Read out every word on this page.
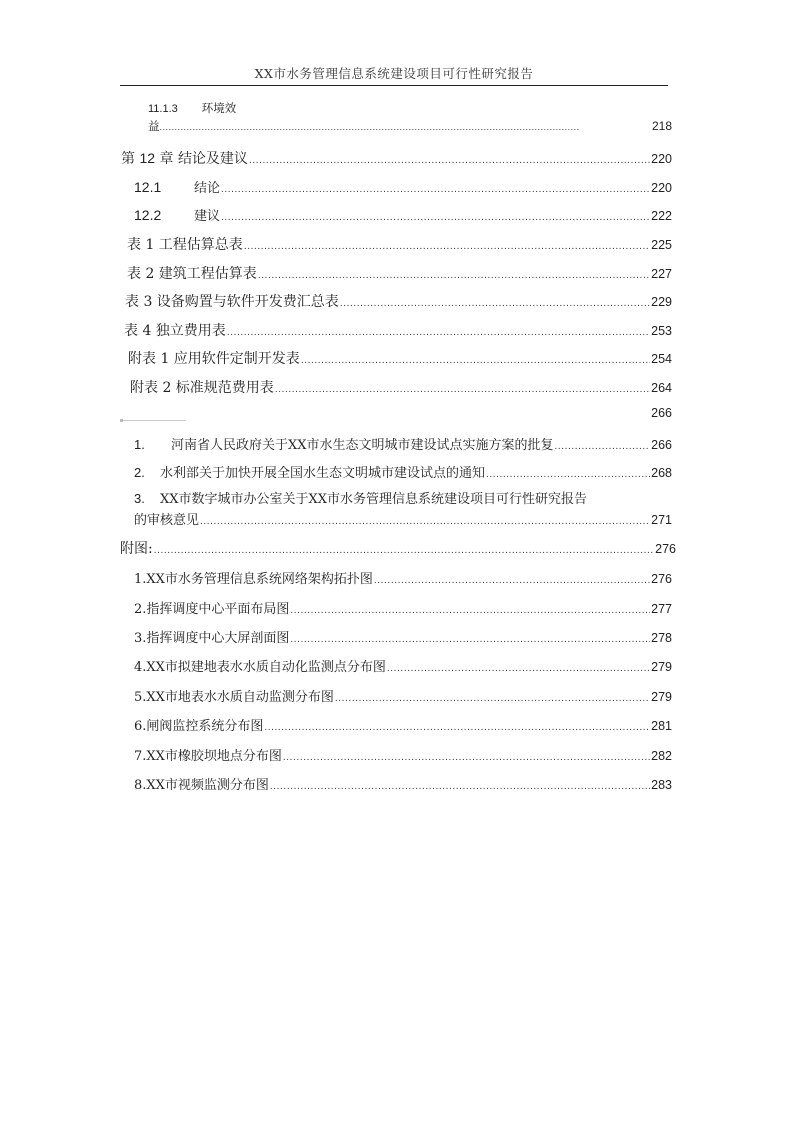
XX市水务管理信息系统建设项目可行性研究报告
11.1.3 环境效
益 .....	218
第 12 章 结论及建议 .....	220
12.1	结论 .....	220
12.2	建议 .....	222
表 1 工程估算总表 .....	225
表 2 建筑工程估算表 .....	227
表 3 设备购置与软件开发费汇总表 .....	229
表 4 独立费用表 .....	253
附表 1 应用软件定制开发表 .....	254
附表 2 标准规范费用表 .....	264
266
1. 河南省人民政府关于XX市水生态文明城市建设试点实施方案的批复 .....	266
2. 水利部关于加快开展全国水生态文明城市建设试点的通知 .....	268
3. XX市数字城市办公室关于XX市水务管理信息系统建设项目可行性研究报告
的审核意见 .....	271
附图: .....	276
1.XX市水务管理信息系统网络架构拓扑图 .....	276
2.指挥调度中心平面布局图 .....	277
3.指挥调度中心大屏剖面图 .....	278
4.XX市拟建地表水水质自动化监测点分布图 .....	279
5.XX市地表水水质自动监测分布图 .....	279
6.闸阀监控系统分布图 .....	281
7.XX市橡胶坝地点分布图 .....	282
8.XX市视频监测分布图 .....	283
